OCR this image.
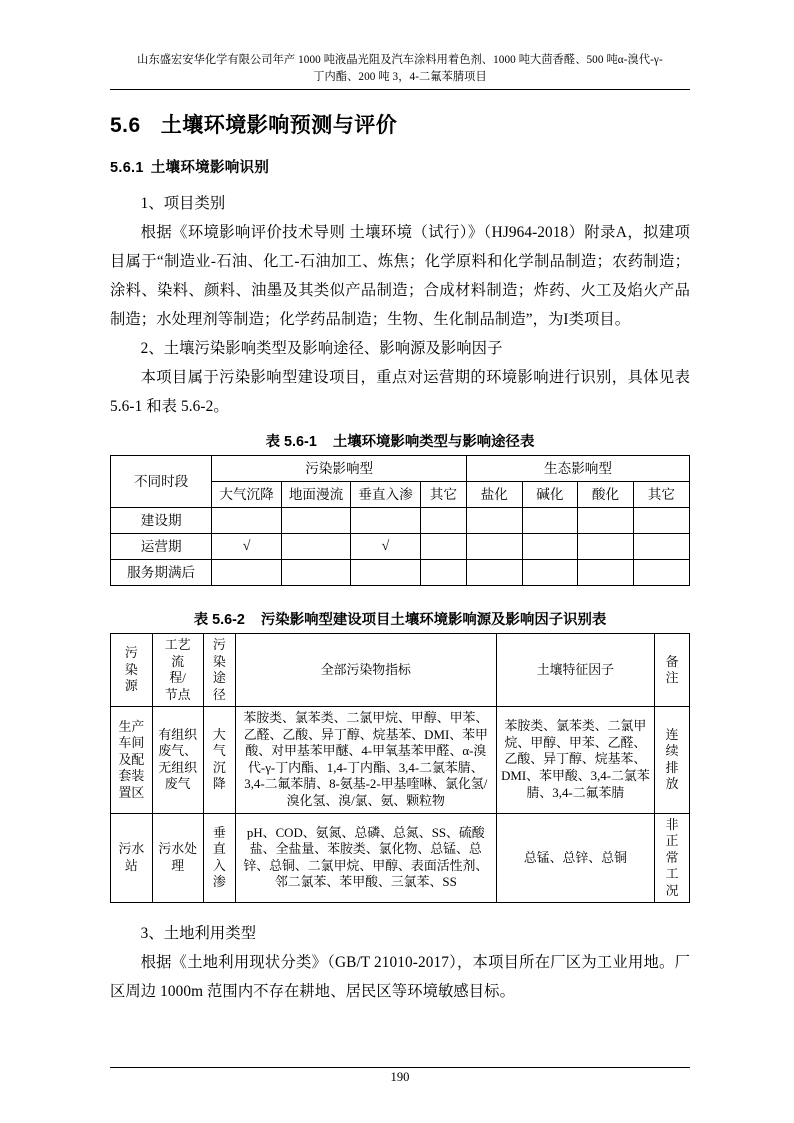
山东盛宏安华化学有限公司年产 1000 吨液晶光阻及汽车涂料用着色剂、1000 吨大茴香醛、500 吨α-溴代-γ-
丁内酯、200 吨 3，4-二氟苯腈项目
5.6 土壤环境影响预测与评价
5.6.1 土壤环境影响识别

1、项目类别

根据《环境影响评价技术导则 土壤环境（试行）》（HJ964-2018）附录A，拟建项目属于“制造业-石油、化工-石油加工、炼焦；化学原料和化学制品制造；农药制造；涂料、染料、颜料、油墨及其类似产品制造；合成材料制造；炸药、火工及焰火产品制造；水处理剂等制造；化学药品制造；生物、生化制品制造”，为I类项目。

2、土壤污染影响类型及影响途径、影响源及影响因子

本项目属于污染影响型建设项目，重点对运营期的环境影响进行识别，具体见表 5.6-1 和表 5.6-2。

表 5.6-1 土壤环境影响类型与影响途径表
不同时段	污染影响型				生态影响型			
	大气沉降	地面漫流	垂直入渗	其它	盐化	碱化	酸化	其它
建设期								
运营期	√		√					
服务期满后								
表 5.6-2 污染影响型建设项目土壤环境影响源及影响因子识别表
污染源	工艺流程/节点	污染途径	全部污染物指标	土壤特征因子	备注

生产车间及配套装置区	有组织废气、无组织废气	大气沉降	苯胺类、氯苯类、二氯甲烷、甲醇、甲苯、乙醛、乙酸、异丁醇、烷基苯、DMI、苯甲酸、对甲基苯甲醚、4-甲氧基苯甲醛、α-溴代-γ-丁内酯、1,4-丁内酯、3,4-二氯苯腈、3,4-二氟苯腈、8-氨基-2-甲基喹啉、氯化氢/溴化氢、溴/氯、氨、颗粒物	苯胺类、氯苯类、二氯甲烷、甲醇、甲苯、乙醛、乙酸、异丁醇、烷基苯、DMI、苯甲酸、3,4-二氯苯腈、3,4-二氟苯腈	连续排放

污水站	污水处理	垂直入渗	pH、COD、氨氮、总磷、总氮、SS、硫酸盐、全盐量、苯胺类、氯化物、总锰、总锌、总铜、二氯甲烷、甲醇、表面活性剂、邻二氯苯、苯甲酸、三氯苯、SS	总锰、总锌、总铜	非正常工况

3、土地利用类型

根据《土地利用现状分类》（GB/T 21010-2017），本项目所在厂区为工业用地。厂区周边 1000m 范围内不存在耕地、居民区等环境敏感目标。

190
